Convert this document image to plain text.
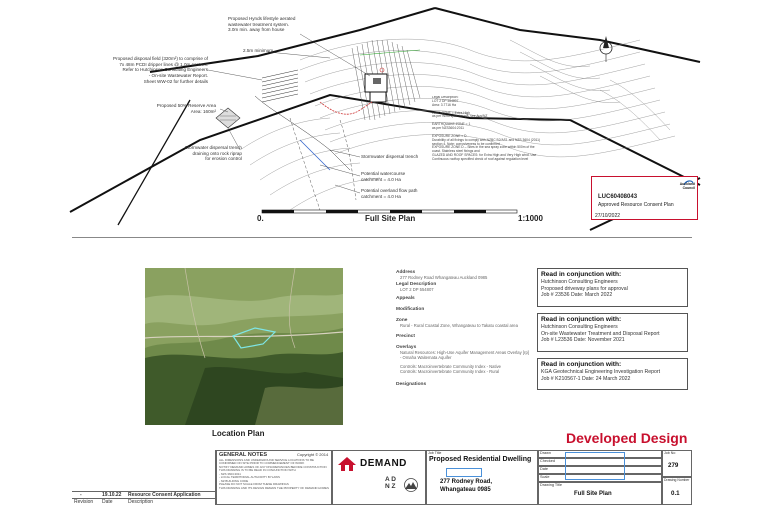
Proposed Hynds lifestyle aerated
wastewater treatment system.
3.0m min. away from house
2.5m minimum
Proposed disposal field (320m²) to comprise of
7x 48m PCDI dripper lines @ 1.0m centres.
Refer to Hutchinson Consulting Engineers
- On-site Wastewater Report.
Sheet WW-02 for further details
Proposed 50% Reserve Area
Area: 160m²
Stormwater dispersal trench
draining onto rock riprap
for erosion control	Stormwater dispersal trench
Potential watercourse
catchment = 4.0 Ha
Potential overland flow path
catchment = 4.0 Ha
Legal Description:
LOT 2 DP 554807
Area: 3.7716 Ha

WIND ZONE = Extra High
as per Wind speed maps, see Aus/NZ

EARTHQUAKE ZONE = 1
as per NZS3604:2011

EXPOSURE ZONE = D
Durability of all fixings to comply with NZBC B2/AS1 and NZS 3604 (2011)
section 4. Note: corrosiveness to be confirmed
EXPOSURE ZONE D – Sites in the sea spray zone within 500m of the
coast. Stainless steel fixings and
GLAZED AND ROOF SPACES: for Extra High and Very High wind. Use
Continuous rooftop specified check of roof against regulation level
0.	Full Site Plan	1:1000
Auckland Council
LUC60408043
Approved Resource Consent Plan
27/10/2022
Location Plan
Address
277 Rodney Road Whangateau Auckland 0985
Legal Description
LOT 2 DP 554807
Appeals
Modification
Zone
Rural - Rural Coastal Zone, Whangateau to Takatu coastal area
Precinct
Overlays
Natural Resources: High-Use Aquifer Management Areas Overlay [rp]
- Omaha Waitemata Aquifer
Controls: Macroinvertebrate Community Index - Native
Controls: Macroinvertebrate Community Index - Rural
Designations
Read in conjunction with:
Hutchinson Consulting Engineers
Proposed driveway plans for approval
Job # 23536 Date: March 2022
Read in conjunction with:
Hutchinson Consulting Engineers
On-site Wastewater Treatment and Disposal Report
Job # L23536 Date: November 2021
Read in conjunction with:
KGA Geotechnical Engineering Investigation Report
Job # K210567-1 Date: 24 March 2022
Developed Design
-	19.10.22 Resource Consent Application
Revision Date	Description
GENERAL NOTES	Copyright © 2014
ALL DIMENSIONS AND UNDERGROUND SERVICE LOCATIONS TO BE
CONFIRMED ON SITE PRIOR TO COMMENCEMENT OF WORK
NOTIFY DEMAND HOMES OF ANY DISCREPANCIES BEFORE CONSTRUCTION
THIS DRAWING IS TO BE READ IN CONJUNCTION WITH
- NZS 3604:2011
- LOCAL TERRITORIAL AUTHORITY BYLAWS
- NZ BUILDING CODE
PLEASE DO NOT SCALE FROM THESE DRAWINGS
THIS DRAWING AND ITS DESIGN REMAIN THE PROPERTY OF DEMAND HOMES
DEMAND
A D
N Z
Job Title
Proposed Residential Dwelling
277 Rodney Road,
Whangateau 0985
Drawn
Checked
Date
Scale
Drawing Title
Full Site Plan
Job No
279
Drawing Number
0.1
